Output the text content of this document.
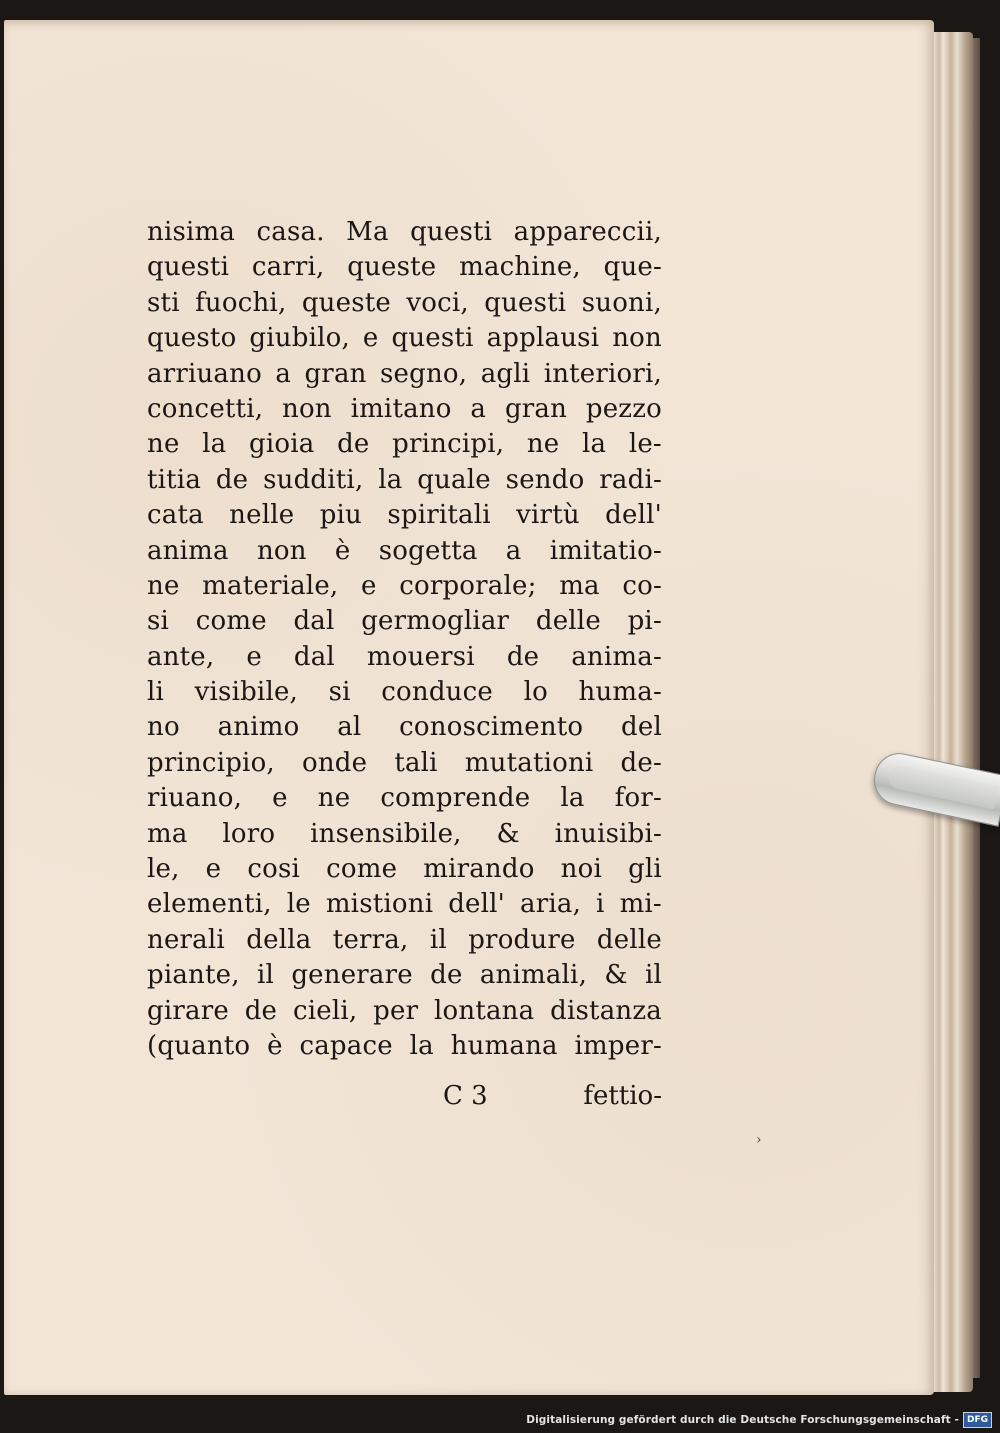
nisima casa. Ma questi appareccii,
questi carri, queste machine, que-
sti fuochi, queste voci, questi suoni,
questo giubilo, e questi applausi non
arriuano a gran segno, agli interiori,
concetti, non imitano a gran pezzo
ne la gioia de principi, ne la le-
titia de sudditi, la quale sendo radi-
cata nelle piu spiritali virtù dell'
anima non è sogetta a imitatio-
ne materiale, e corporale; ma co-
si come dal germogliar delle pi-
ante, e dal mouersi de anima-
li visibile, si conduce lo huma-
no animo al conoscimento del
principio, onde tali mutationi de-
riuano, e ne comprende la for-
ma loro insensibile, & inuisibi-
le, e cosi come mirando noi gli
elementi, le mistioni dell' aria, i mi-
nerali della terra, il produre delle
piante, il generare de animali, & il
girare de cieli, per lontana distanza
(quanto è capace la humana imper-
C 3	fettio-
›
Digitalisierung gefördert durch die Deutsche Forschungsgemeinschaft - DFG
